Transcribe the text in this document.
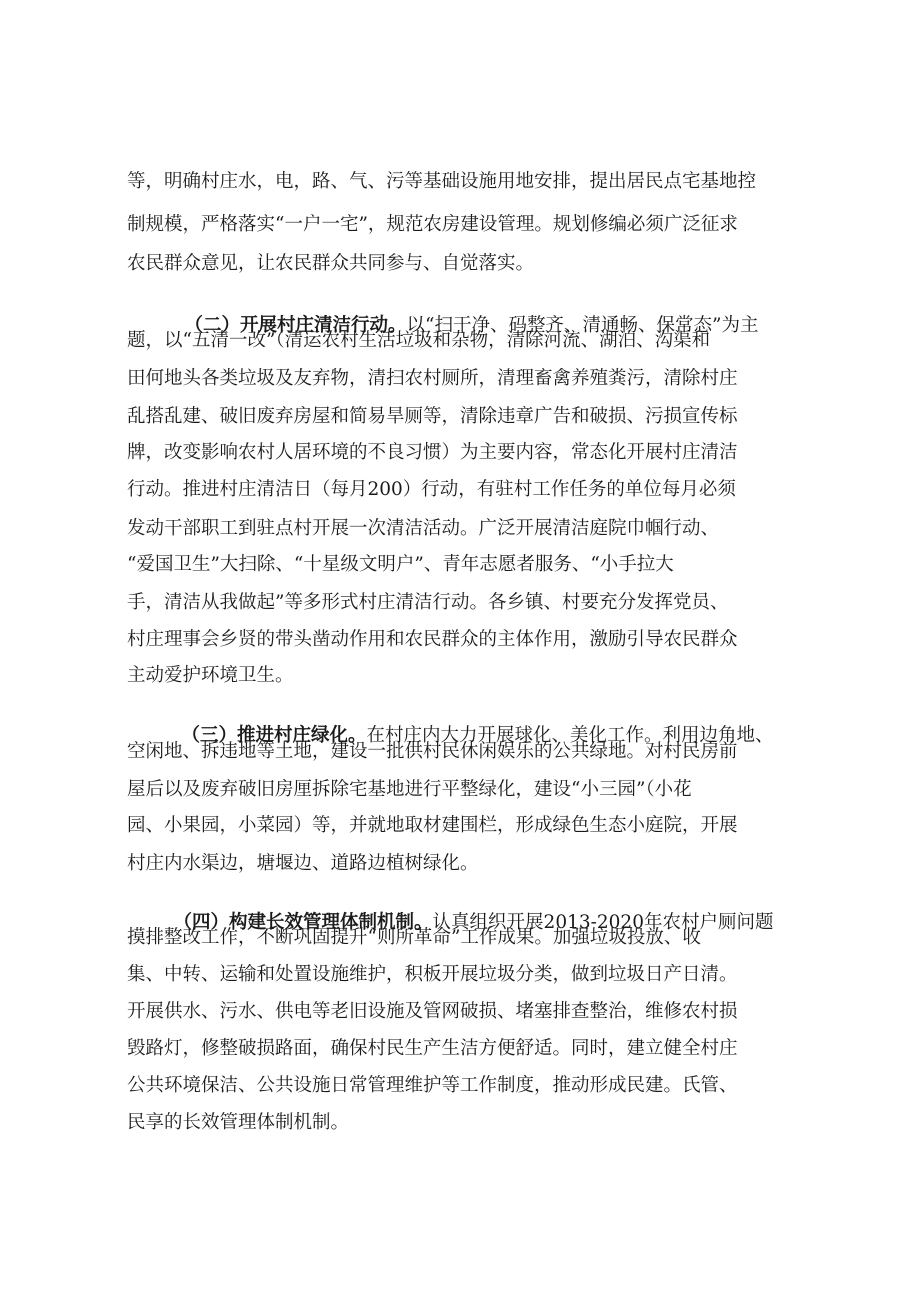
等，明确村庄水，电，路、气、污等基础设施用地安排，提出居民点宅基地控
制规模，严格落实“一户一宅”，规范农房建设管理。规划修编必须广泛征求
农民群众意见，让农民群众共同参与、自觉落实。

（二）开展村庄清洁行动。以“扫干净、码整齐、清通畅、保常态”为主

题，以“五清一改”（清运农村生活垃圾和杂物，清除河流、湖泊、沟渠和
田何地头各类垃圾及友弃物，清扫农村厕所，清理畜禽养殖粪污，清除村庄
乱搭乱建、破旧废弃房屋和简易旱厕等，清除违章广告和破损、污损宣传标
牌，改变影响农村人居环境的不良习惯）为主要内容，常态化开展村庄清洁
行动。推进村庄清洁日（每月200）行动，有驻村工作任务的单位每月必须
发动干部职工到驻点村开展一次清洁活动。广泛开展清洁庭院巾帼行动、
“爱国卫生”大扫除、“十星级文明户”、青年志愿者服务、“小手拉大
手，清洁从我做起”等多形式村庄清洁行动。各乡镇、村要充分发挥党员、
村庄理事会乡贤的带头凿动作用和农民群众的主体作用，激励引导农民群众
主动爱护环境卫生。

（三）推进村庄绿化。在村庄内大力开展球化、美化工作。利用边角地、

空闲地、拆违地等土地，建设一批供村民休闲娱乐的公共绿地。对村民房前
屋后以及废弃破旧房厘拆除宅基地进行平整绿化，建设“小三园”（小花
园、小果园，小菜园）等，并就地取材建围栏，形成绿色生态小庭院，开展
村庄内水渠边，塘堰边、道路边植树绿化。

（四）构建长效管理体制机制。认真组织开展2013-2020年农村户厕问题

摸排整改工作，不断巩固提升“则所革命”工作成果。加强垃圾投放、收
集、中转、运输和处置设施维护，积板开展垃圾分类，做到垃圾日产日清。
开展供水、污水、供电等老旧设施及管网破损、堵塞排查整治，维修农村损
毁路灯，修整破损路面，确保村民生产生洁方便舒适。同时，建立健全村庄
公共环境保洁、公共设施日常管理维护等工作制度，推动形成民建。氏管、
民享的长效管理体制机制。
